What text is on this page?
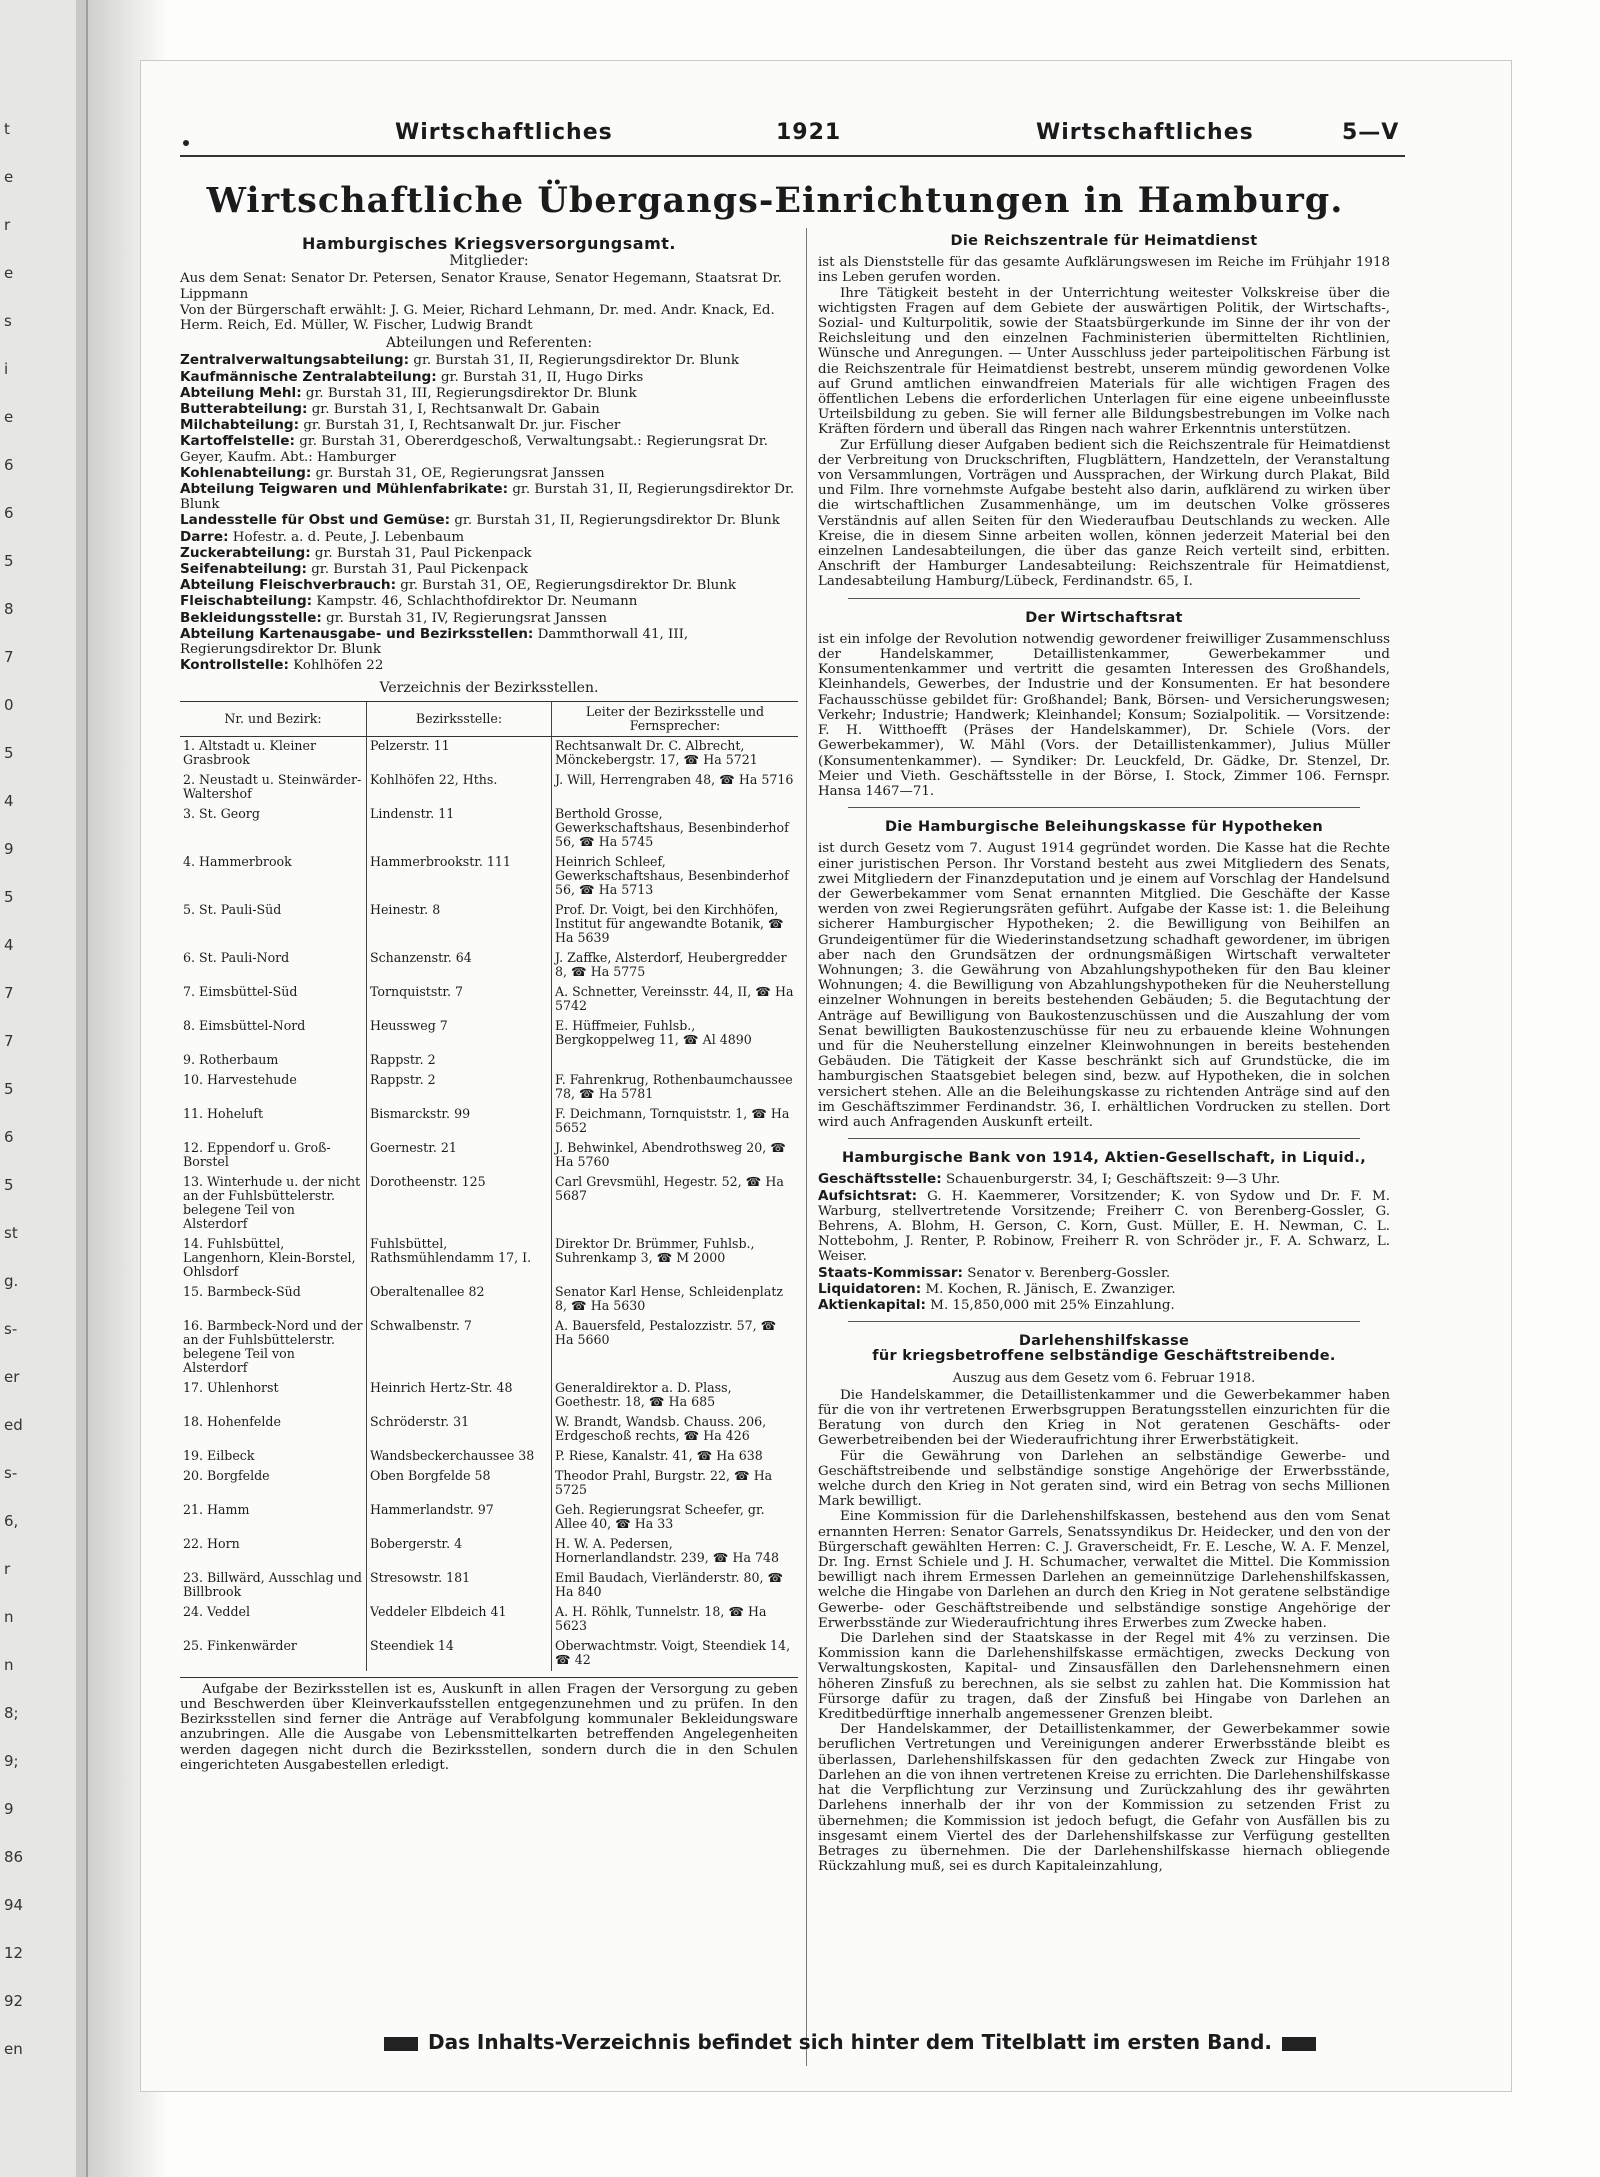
t
e
r
e
s
i
e
6
6
5
8
7
0
5
4
9
5
4
7
7
5
6
5
st
g.
s-
er
ed
s-
6,
r
n
n
8;
9;
9
86
94
12
92
en
Wirtschaftliches	1921	Wirtschaftliches	5—V
Wirtschaftliche Übergangs-Einrichtungen in Hamburg.
Hamburgisches Kriegsversorgungsamt.
Mitglieder:

Aus dem Senat: Senator Dr. Petersen, Senator Krause, Senator Hegemann, Staatsrat Dr. Lippmann

Von der Bürgerschaft erwählt: J. G. Meier, Richard Lehmann, Dr. med. Andr. Knack, Ed. Herm. Reich, Ed. Müller, W. Fischer, Ludwig Brandt

Abteilungen und Referenten:

Zentralverwaltungsabteilung: gr. Burstah 31, II, Regierungsdirektor Dr. Blunk

Kaufmännische Zentralabteilung: gr. Burstah 31, II, Hugo Dirks

Abteilung Mehl: gr. Burstah 31, III, Regierungsdirektor Dr. Blunk

Butterabteilung: gr. Burstah 31, I, Rechtsanwalt Dr. Gabain

Milchabteilung: gr. Burstah 31, I, Rechtsanwalt Dr. jur. Fischer

Kartoffelstelle: gr. Burstah 31, Obererdgeschoß, Verwaltungsabt.: Regierungsrat Dr. Geyer, Kaufm. Abt.: Hamburger

Kohlenabteilung: gr. Burstah 31, OE, Regierungsrat Janssen

Abteilung Teigwaren und Mühlenfabrikate: gr. Burstah 31, II, Regierungsdirektor Dr. Blunk

Landesstelle für Obst und Gemüse: gr. Burstah 31, II, Regierungsdirektor Dr. Blunk

Darre: Hofestr. a. d. Peute, J. Lebenbaum

Zuckerabteilung: gr. Burstah 31, Paul Pickenpack

Seifenabteilung: gr. Burstah 31, Paul Pickenpack

Abteilung Fleischverbrauch: gr. Burstah 31, OE, Regierungsdirektor Dr. Blunk

Fleischabteilung: Kampstr. 46, Schlachthofdirektor Dr. Neumann

Bekleidungsstelle: gr. Burstah 31, IV, Regierungsrat Janssen

Abteilung Kartenausgabe- und Bezirksstellen: Dammthorwall 41, III, Regierungsdirektor Dr. Blunk

Kontrollstelle: Kohlhöfen 22

Verzeichnis der Bezirksstellen.
Nr. und Bezirk:	Bezirksstelle:	Leiter der Bezirksstelle und Fernsprecher:
1. Altstadt u. Kleiner Grasbrook	Pelzerstr. 11	Rechtsanwalt Dr. C. Albrecht, Mönckebergstr. 17, ☎ Ha 5721
2. Neustadt u. Steinwärder-Waltershof	Kohlhöfen 22, Hths.	J. Will, Herrengraben 48, ☎ Ha 5716
3. St. Georg	Lindenstr. 11	Berthold Grosse, Gewerkschaftshaus, Besenbinderhof 56, ☎ Ha 5745
4. Hammerbrook	Hammerbrookstr. 111	Heinrich Schleef, Gewerkschaftshaus, Besenbinderhof 56, ☎ Ha 5713
5. St. Pauli-Süd	Heinestr. 8	Prof. Dr. Voigt, bei den Kirchhöfen, Institut für angewandte Botanik, ☎ Ha 5639
6. St. Pauli-Nord	Schanzenstr. 64	J. Zaffke, Alsterdorf, Heubergredder 8, ☎ Ha 5775
7. Eimsbüttel-Süd	Tornquiststr. 7	A. Schnetter, Vereinsstr. 44, II, ☎ Ha 5742
8. Eimsbüttel-Nord	Heussweg 7	E. Hüffmeier, Fuhlsb., Bergkoppelweg 11, ☎ Al 4890
9. Rotherbaum	Rappstr. 2	
10. Harvestehude	Rappstr. 2	F. Fahrenkrug, Rothenbaumchaussee 78, ☎ Ha 5781
11. Hoheluft	Bismarckstr. 99	F. Deichmann, Tornquiststr. 1, ☎ Ha 5652
12. Eppendorf u. Groß-Borstel	Goernestr. 21	J. Behwinkel, Abendrothsweg 20, ☎ Ha 5760
13. Winterhude u. der nicht an der Fuhlsbüttelerstr. belegene Teil von Alsterdorf	Dorotheenstr. 125	Carl Grevsmühl, Hegestr. 52, ☎ Ha 5687
14. Fuhlsbüttel, Langenhorn, Klein-Borstel, Ohlsdorf	Fuhlsbüttel, Rathsmühlendamm 17, I.	Direktor Dr. Brümmer, Fuhlsb., Suhrenkamp 3, ☎ M 2000
15. Barmbeck-Süd	Oberaltenallee 82	Senator Karl Hense, Schleidenplatz 8, ☎ Ha 5630
16. Barmbeck-Nord und der an der Fuhlsbüttelerstr. belegene Teil von Alsterdorf	Schwalbenstr. 7	A. Bauersfeld, Pestalozzistr. 57, ☎ Ha 5660
17. Uhlenhorst	Heinrich Hertz-Str. 48	Generaldirektor a. D. Plass, Goethestr. 18, ☎ Ha 685
18. Hohenfelde	Schröderstr. 31	W. Brandt, Wandsb. Chauss. 206, Erdgeschoß rechts, ☎ Ha 426
19. Eilbeck	Wandsbeckerchaussee 38	P. Riese, Kanalstr. 41, ☎ Ha 638
20. Borgfelde	Oben Borgfelde 58	Theodor Prahl, Burgstr. 22, ☎ Ha 5725
21. Hamm	Hammerlandstr. 97	Geh. Regierungsrat Scheefer, gr. Allee 40, ☎ Ha 33
22. Horn	Bobergerstr. 4	H. W. A. Pedersen, Hornerlandlandstr. 239, ☎ Ha 748
23. Billwärd, Ausschlag und Billbrook	Stresowstr. 181	Emil Baudach, Vierländerstr. 80, ☎ Ha 840
24. Veddel	Veddeler Elbdeich 41	A. H. Röhlk, Tunnelstr. 18, ☎ Ha 5623
25. Finkenwärder	Steendiek 14	Oberwachtmstr. Voigt, Steendiek 14, ☎ 42

Aufgabe der Bezirksstellen ist es, Auskunft in allen Fragen der Versorgung zu geben und Beschwerden über Kleinverkaufsstellen entgegenzunehmen und zu prüfen. In den Bezirksstellen sind ferner die Anträge auf Verabfolgung kommunaler Bekleidungsware anzubringen. Alle die Ausgabe von Lebensmittelkarten betreffenden Angelegenheiten werden dagegen nicht durch die Bezirksstellen, sondern durch die in den Schulen eingerichteten Ausgabestellen erledigt.

Die Reichszentrale für Heimatdienst

ist als Dienststelle für das gesamte Aufklärungswesen im Reiche im Frühjahr 1918 ins Leben gerufen worden.

Ihre Tätigkeit besteht in der Unterrichtung weitester Volkskreise über die wichtigsten Fragen auf dem Gebiete der auswärtigen Politik, der Wirtschafts-, Sozial- und Kulturpolitik, sowie der Staatsbürgerkunde im Sinne der ihr von der Reichsleitung und den einzelnen Fachministerien übermittelten Richtlinien, Wünsche und Anregungen. — Unter Ausschluss jeder parteipolitischen Färbung ist die Reichszentrale für Heimatdienst bestrebt, unserem mündig gewordenen Volke auf Grund amtlichen einwandfreien Materials für alle wichtigen Fragen des öffentlichen Lebens die erforderlichen Unterlagen für eine eigene unbeeinflusste Urteilsbildung zu geben. Sie will ferner alle Bildungsbestrebungen im Volke nach Kräften fördern und überall das Ringen nach wahrer Erkenntnis unterstützen.

Zur Erfüllung dieser Aufgaben bedient sich die Reichszentrale für Heimatdienst der Verbreitung von Druckschriften, Flugblättern, Handzetteln, der Veranstaltung von Versammlungen, Vorträgen und Aussprachen, der Wirkung durch Plakat, Bild und Film. Ihre vornehmste Aufgabe besteht also darin, aufklärend zu wirken über die wirtschaftlichen Zusammenhänge, um im deutschen Volke grösseres Verständnis auf allen Seiten für den Wiederaufbau Deutschlands zu wecken. Alle Kreise, die in diesem Sinne arbeiten wollen, können jederzeit Material bei den einzelnen Landesabteilungen, die über das ganze Reich verteilt sind, erbitten. Anschrift der Hamburger Landesabteilung: Reichszentrale für Heimatdienst, Landesabteilung Hamburg/Lübeck, Ferdinandstr. 65, I.

Der Wirtschaftsrat

ist ein infolge der Revolution notwendig gewordener freiwilliger Zusammenschluss der Handelskammer, Detaillistenkammer, Gewerbekammer und Konsumentenkammer und vertritt die gesamten Interessen des Großhandels, Kleinhandels, Gewerbes, der Industrie und der Konsumenten. Er hat besondere Fachausschüsse gebildet für: Großhandel; Bank, Börsen- und Versicherungswesen; Verkehr; Industrie; Handwerk; Kleinhandel; Konsum; Sozialpolitik. — Vorsitzende: F. H. Witthoefft (Präses der Handelskammer), Dr. Schiele (Vors. der Gewerbekammer), W. Mähl (Vors. der Detaillistenkammer), Julius Müller (Konsumentenkammer). — Syndiker: Dr. Leuckfeld, Dr. Gädke, Dr. Stenzel, Dr. Meier und Vieth. Geschäftsstelle in der Börse, I. Stock, Zimmer 106. Fernspr. Hansa 1467—71.

Die Hamburgische Beleihungskasse für Hypotheken

ist durch Gesetz vom 7. August 1914 gegründet worden. Die Kasse hat die Rechte einer juristischen Person. Ihr Vorstand besteht aus zwei Mitgliedern des Senats, zwei Mitgliedern der Finanzdeputation und je einem auf Vorschlag der Handelsund der Gewerbekammer vom Senat ernannten Mitglied. Die Geschäfte der Kasse werden von zwei Regierungsräten geführt. Aufgabe der Kasse ist: 1. die Beleihung sicherer Hamburgischer Hypotheken; 2. die Bewilligung von Beihilfen an Grundeigentümer für die Wiederinstandsetzung schadhaft gewordener, im übrigen aber nach den Grundsätzen der ordnungsmäßigen Wirtschaft verwalteter Wohnungen; 3. die Gewährung von Abzahlungshypotheken für den Bau kleiner Wohnungen; 4. die Bewilligung von Abzahlungshypotheken für die Neuherstellung einzelner Wohnungen in bereits bestehenden Gebäuden; 5. die Begutachtung der Anträge auf Bewilligung von Baukostenzuschüssen und die Auszahlung der vom Senat bewilligten Baukostenzuschüsse für neu zu erbauende kleine Wohnungen und für die Neuherstellung einzelner Kleinwohnungen in bereits bestehenden Gebäuden. Die Tätigkeit der Kasse beschränkt sich auf Grundstücke, die im hamburgischen Staatsgebiet belegen sind, bezw. auf Hypotheken, die in solchen versichert stehen. Alle an die Beleihungskasse zu richtenden Anträge sind auf den im Geschäftszimmer Ferdinandstr. 36, I. erhältlichen Vordrucken zu stellen. Dort wird auch Anfragenden Auskunft erteilt.

Hamburgische Bank von 1914, Aktien-Gesellschaft, in Liquid.,

Geschäftsstelle: Schauenburgerstr. 34, I; Geschäftszeit: 9—3 Uhr.

Aufsichtsrat: G. H. Kaemmerer, Vorsitzender; K. von Sydow und Dr. F. M. Warburg, stellvertretende Vorsitzende; Freiherr C. von Berenberg-Gossler, G. Behrens, A. Blohm, H. Gerson, C. Korn, Gust. Müller, E. H. Newman, C. L. Nottebohm, J. Renter, P. Robinow, Freiherr R. von Schröder jr., F. A. Schwarz, L. Weiser.

Staats-Kommissar: Senator v. Berenberg-Gossler.

Liquidatoren: M. Kochen, R. Jänisch, E. Zwanziger.

Aktienkapital: M. 15,850,000 mit 25% Einzahlung.

Darlehenshilfskasse
für kriegsbetroffene selbständige Geschäftstreibende.
Auszug aus dem Gesetz vom 6. Februar 1918.

Die Handelskammer, die Detaillistenkammer und die Gewerbekammer haben für die von ihr vertretenen Erwerbsgruppen Beratungsstellen einzurichten für die Beratung von durch den Krieg in Not geratenen Geschäfts- oder Gewerbetreibenden bei der Wiederaufrichtung ihrer Erwerbstätigkeit.

Für die Gewährung von Darlehen an selbständige Gewerbe- und Geschäftstreibende und selbständige sonstige Angehörige der Erwerbsstände, welche durch den Krieg in Not geraten sind, wird ein Betrag von sechs Millionen Mark bewilligt.

Eine Kommission für die Darlehenshilfskassen, bestehend aus den vom Senat ernannten Herren: Senator Garrels, Senatssyndikus Dr. Heidecker, und den von der Bürgerschaft gewählten Herren: C. J. Graverscheidt, Fr. E. Lesche, W. A. F. Menzel, Dr. Ing. Ernst Schiele und J. H. Schumacher, verwaltet die Mittel. Die Kommission bewilligt nach ihrem Ermessen Darlehen an gemeinnützige Darlehenshilfskassen, welche die Hingabe von Darlehen an durch den Krieg in Not geratene selbständige Gewerbe- oder Geschäftstreibende und selbständige sonstige Angehörige der Erwerbsstände zur Wiederaufrichtung ihres Erwerbes zum Zwecke haben.

Die Darlehen sind der Staatskasse in der Regel mit 4% zu verzinsen. Die Kommission kann die Darlehenshilfskasse ermächtigen, zwecks Deckung von Verwaltungskosten, Kapital- und Zinsausfällen den Darlehensnehmern einen höheren Zinsfuß zu berechnen, als sie selbst zu zahlen hat. Die Kommission hat Fürsorge dafür zu tragen, daß der Zinsfuß bei Hingabe von Darlehen an Kreditbedürftige innerhalb angemessener Grenzen bleibt.

Der Handelskammer, der Detaillistenkammer, der Gewerbekammer sowie beruflichen Vertretungen und Vereinigungen anderer Erwerbsstände bleibt es überlassen, Darlehenshilfskassen für den gedachten Zweck zur Hingabe von Darlehen an die von ihnen vertretenen Kreise zu errichten. Die Darlehenshilfskasse hat die Verpflichtung zur Verzinsung und Zurückzahlung des ihr gewährten Darlehens innerhalb der ihr von der Kommission zu setzenden Frist zu übernehmen; die Kommission ist jedoch befugt, die Gefahr von Ausfällen bis zu insgesamt einem Viertel des der Darlehenshilfskasse zur Verfügung gestellten Betrages zu übernehmen. Die der Darlehenshilfskasse hiernach obliegende Rückzahlung muß, sei es durch Kapitaleinzahlung,

Das Inhalts-Verzeichnis befindet sich hinter dem Titelblatt im ersten Band.
